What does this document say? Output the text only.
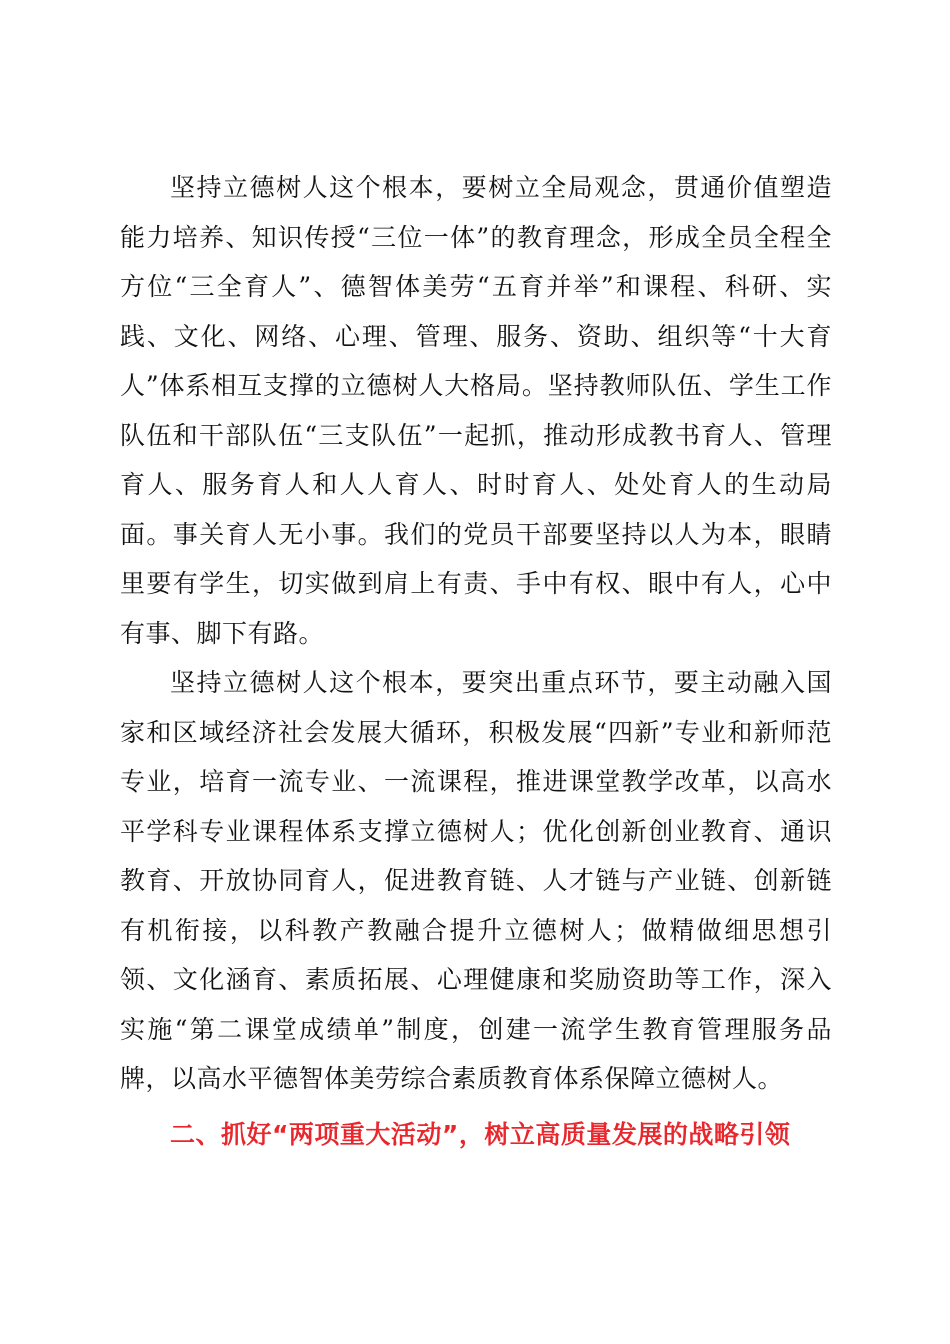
坚持立德树人这个根本，要树立全局观念，贯通价值塑造能力培养、知识传授“三位一体”的教育理念，形成全员全程全方位“三全育人”、德智体美劳“五育并举”和课程、科研、实践、文化、网络、心理、管理、服务、资助、组织等“十大育人”体系相互支撑的立德树人大格局。坚持教师队伍、学生工作队伍和干部队伍“三支队伍”一起抓，推动形成教书育人、管理育人、服务育人和人人育人、时时育人、处处育人的生动局面。事关育人无小事。我们的党员干部要坚持以人为本，眼睛里要有学生，切实做到肩上有责、手中有权、眼中有人，心中有事、脚下有路。

坚持立德树人这个根本，要突出重点环节，要主动融入国家和区域经济社会发展大循环，积极发展“四新”专业和新师范专业，培育一流专业、一流课程，推进课堂教学改革，以高水平学科专业课程体系支撑立德树人；优化创新创业教育、通识教育、开放协同育人，促进教育链、人才链与产业链、创新链有机衔接，以科教产教融合提升立德树人；做精做细思想引领、文化涵育、素质拓展、心理健康和奖励资助等工作，深入实施“第二课堂成绩单”制度，创建一流学生教育管理服务品牌，以高水平德智体美劳综合素质教育体系保障立德树人。

二、抓好“两项重大活动”，树立高质量发展的战略引领
